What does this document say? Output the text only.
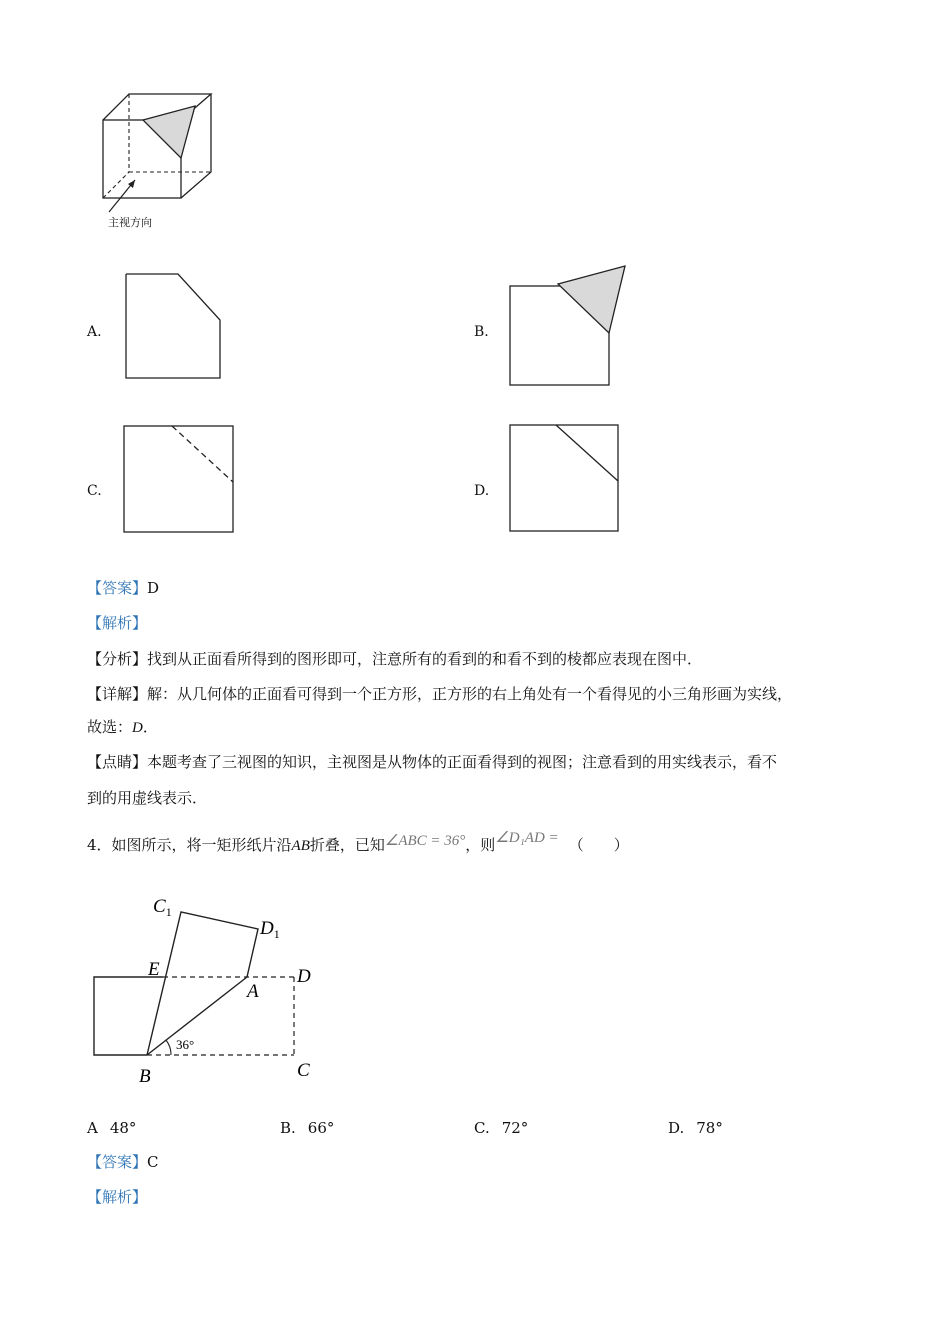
主视方向
A.	B.
C.	D.
【答案】D
【解析】
【分析】找到从正面看所得到的图形即可，注意所有的看到的和看不到的棱都应表现在图中．
【详解】解：从几何体的正面看可得到一个正方形，正方形的右上角处有一个看得见的小三角形画为实线，
故选：D．
【点睛】本题考查了三视图的知识，主视图是从物体的正面看得到的视图；注意看到的用实线表示，看不
到的用虚线表示．
4．如图所示，将一矩形纸片沿AB折叠，已知∠ABC = 36°，则∠D₁AD = （　　）
$C_1$
$D_1$
E
A
D
B	C
36°
A 48°	B. 66°	C. 72°	D. 78°
【答案】C
【解析】
